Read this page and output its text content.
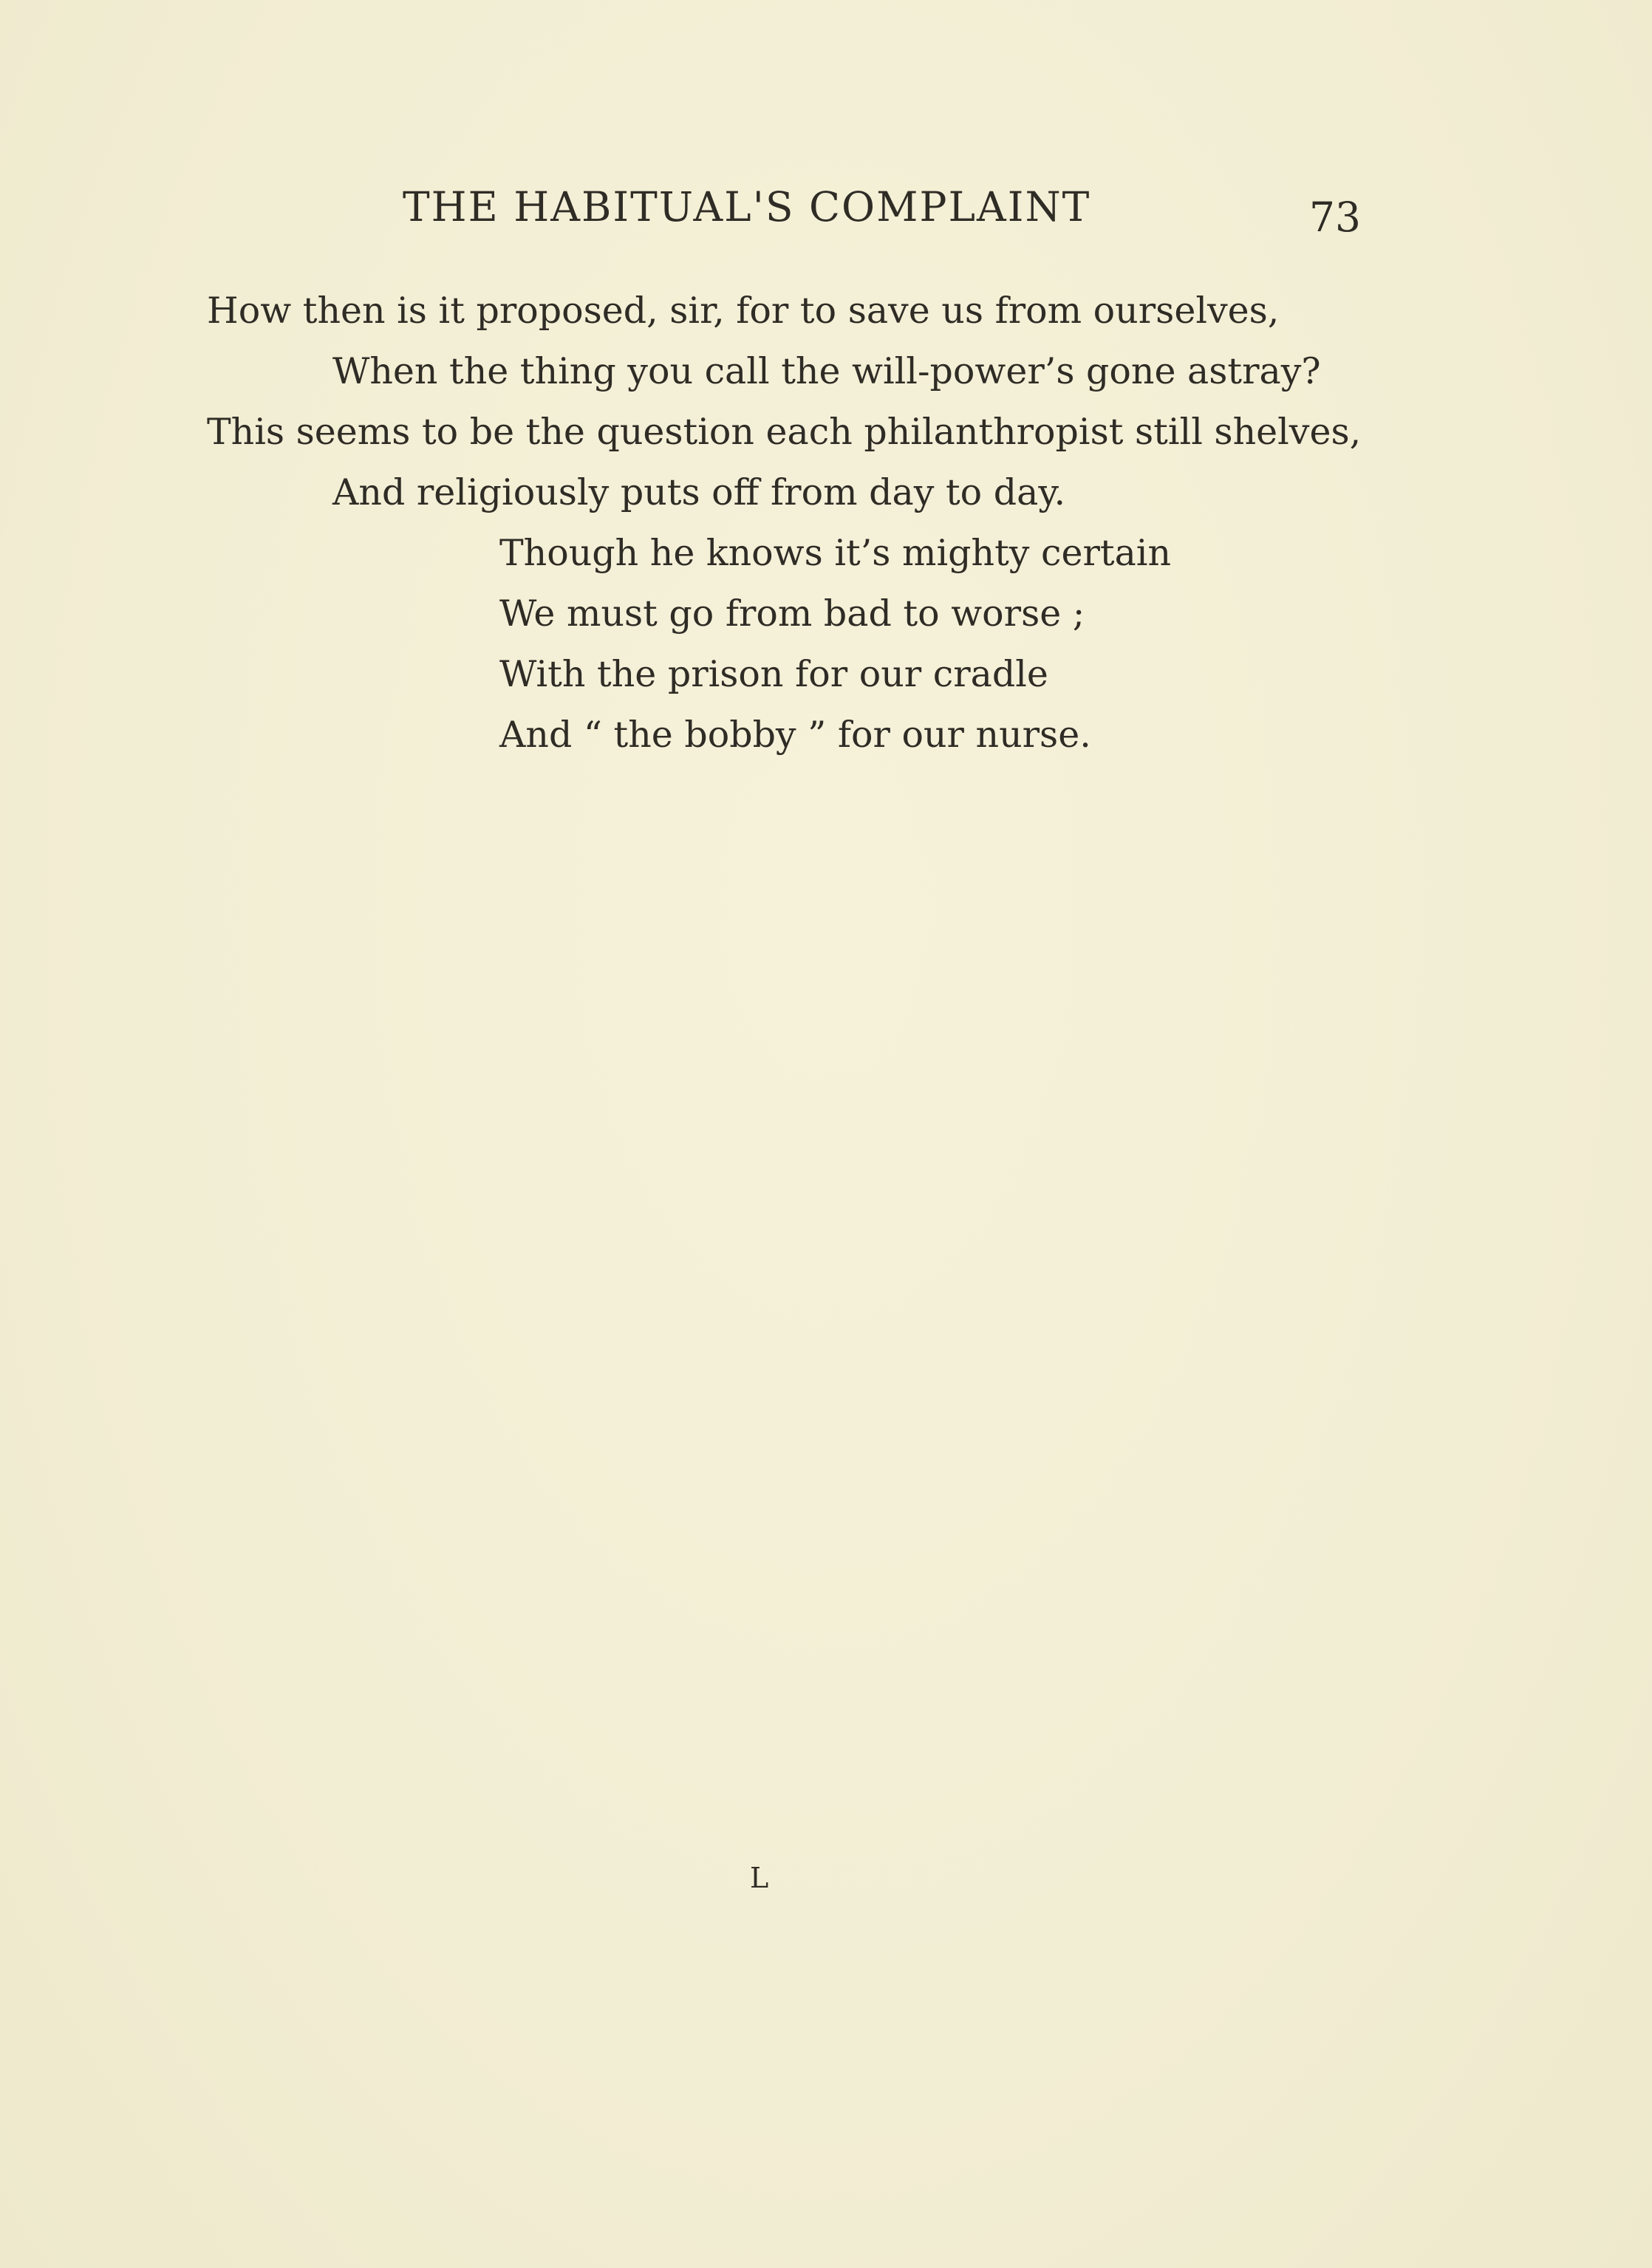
THE HABITUAL'S COMPLAINT	73
How then is it proposed, sir, for to save us from ourselves,
When the thing you call the will-power’s gone astray?
This seems to be the question each philanthropist still shelves,
And religiously puts off from day to day.
Though he knows it’s mighty certain
We must go from bad to worse ;
With the prison for our cradle
And “ the bobby ” for our nurse.
L
